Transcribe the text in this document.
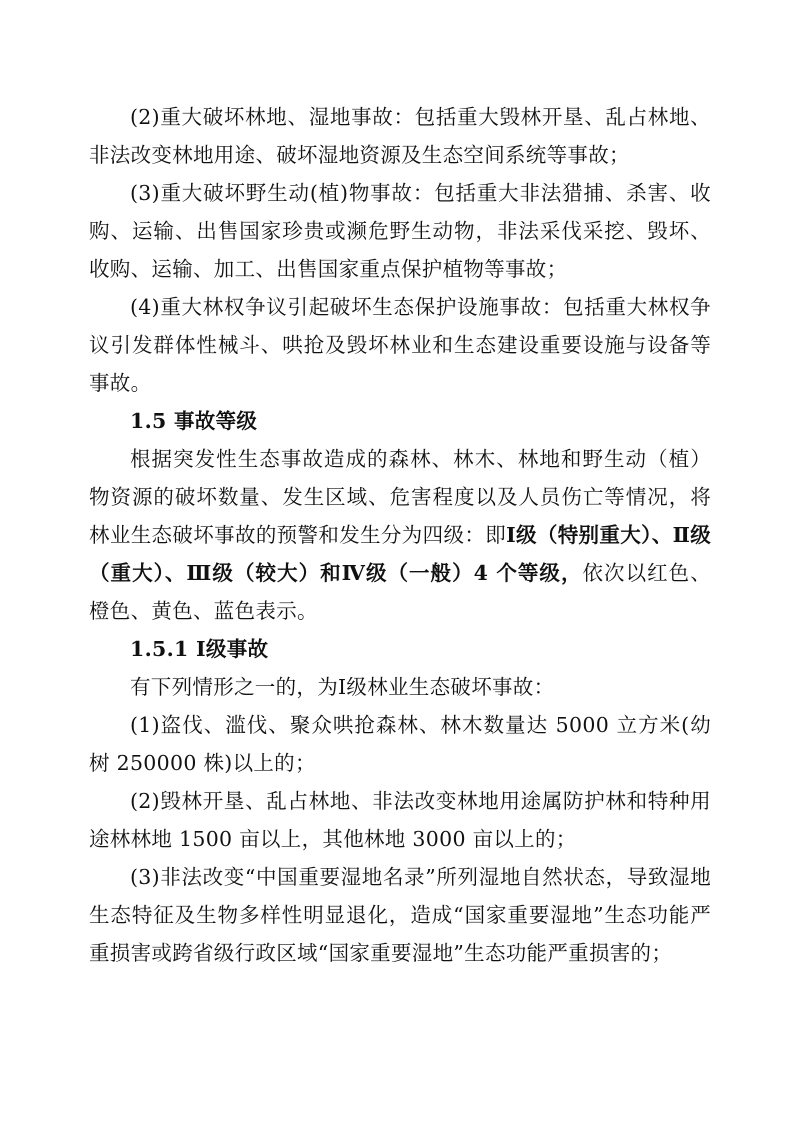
(2)重大破坏林地、湿地事故：包括重大毁林开垦、乱占林地、非法改变林地用途、破坏湿地资源及生态空间系统等事故；

(3)重大破坏野生动(植)物事故：包括重大非法猎捕、杀害、收购、运输、出售国家珍贵或濒危野生动物，非法采伐采挖、毁坏、收购、运输、加工、出售国家重点保护植物等事故；

(4)重大林权争议引起破坏生态保护设施事故：包括重大林权争议引发群体性械斗、哄抢及毁坏林业和生态建设重要设施与设备等事故。

1.5 事故等级

根据突发性生态事故造成的森林、林木、林地和野生动（植）物资源的破坏数量、发生区域、危害程度以及人员伤亡等情况，将林业生态破坏事故的预警和发生分为四级：即Ⅰ级（特别重大）、Ⅱ级（重大）、Ⅲ级（较大）和Ⅳ级（一般）4 个等级，依次以红色、橙色、黄色、蓝色表示。

1.5.1 Ⅰ级事故

有下列情形之一的，为Ⅰ级林业生态破坏事故：

(1)盗伐、滥伐、聚众哄抢森林、林木数量达 5000 立方米(幼树 250000 株)以上的；

(2)毁林开垦、乱占林地、非法改变林地用途属防护林和特种用途林林地 1500 亩以上，其他林地 3000 亩以上的；

(3)非法改变“中国重要湿地名录”所列湿地自然状态，导致湿地生态特征及生物多样性明显退化，造成“国家重要湿地”生态功能严重损害或跨省级行政区域“国家重要湿地”生态功能严重损害的；
